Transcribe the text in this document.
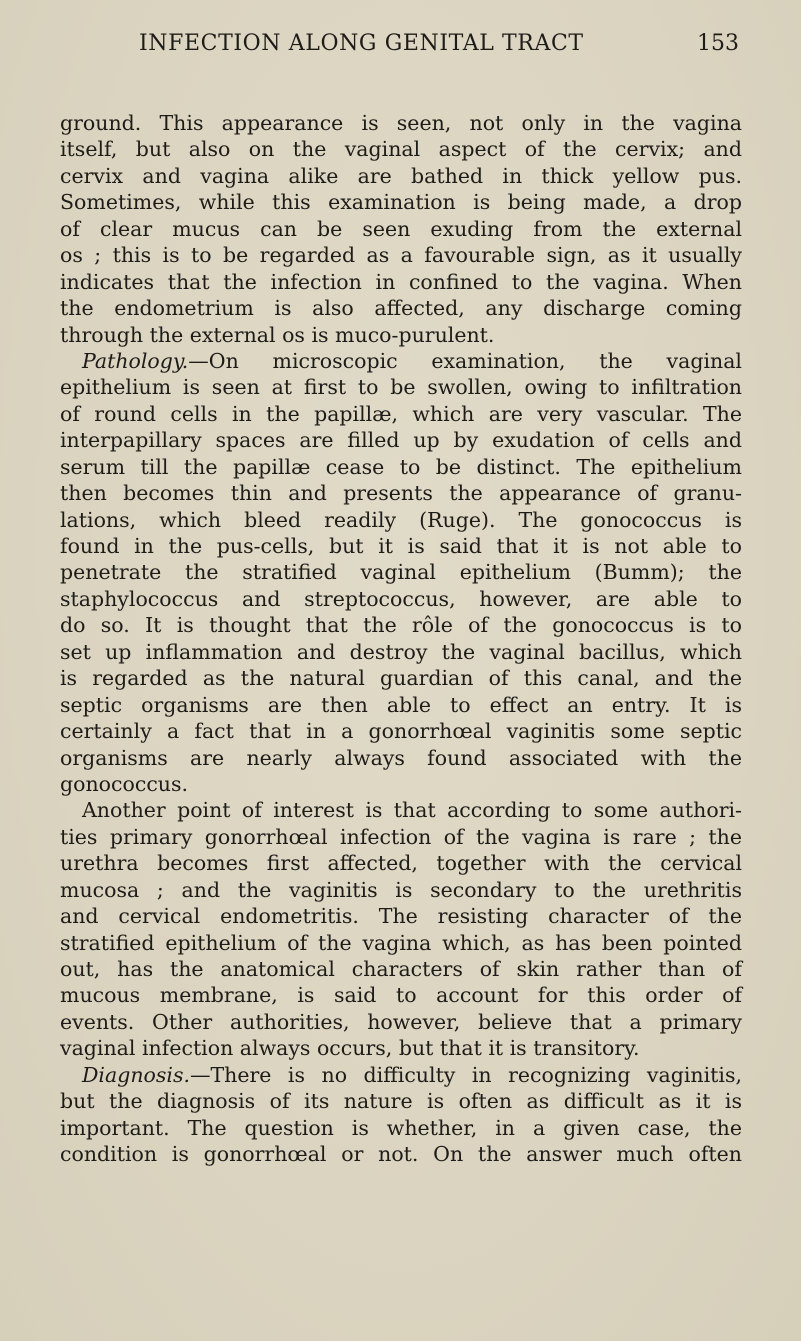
INFECTION ALONG GENITAL TRACT	153
ground. This appearance is seen, not only in the vagina
itself, but also on the vaginal aspect of the cervix; and
cervix and vagina alike are bathed in thick yellow pus.
Sometimes, while this examination is being made, a drop
of clear mucus can be seen exuding from the external
os ; this is to be regarded as a favourable sign, as it usually
indicates that the infection in confined to the vagina. When
the endometrium is also affected, any discharge coming
through the external os is muco-purulent.
Pathology.—On microscopic examination, the vaginal
epithelium is seen at first to be swollen, owing to infiltration
of round cells in the papillæ, which are very vascular. The
interpapillary spaces are filled up by exudation of cells and
serum till the papillæ cease to be distinct. The epithelium
then becomes thin and presents the appearance of granu-
lations, which bleed readily (Ruge). The gonococcus is
found in the pus-cells, but it is said that it is not able to
penetrate the stratified vaginal epithelium (Bumm); the
staphylococcus and streptococcus, however, are able to
do so. It is thought that the rôle of the gonococcus is to
set up inflammation and destroy the vaginal bacillus, which
is regarded as the natural guardian of this canal, and the
septic organisms are then able to effect an entry. It is
certainly a fact that in a gonorrhœal vaginitis some septic
organisms are nearly always found associated with the
gonococcus.
Another point of interest is that according to some authori-
ties primary gonorrhœal infection of the vagina is rare ; the
urethra becomes first affected, together with the cervical
mucosa ; and the vaginitis is secondary to the urethritis
and cervical endometritis. The resisting character of the
stratified epithelium of the vagina which, as has been pointed
out, has the anatomical characters of skin rather than of
mucous membrane, is said to account for this order of
events. Other authorities, however, believe that a primary
vaginal infection always occurs, but that it is transitory.
Diagnosis.—There is no difficulty in recognizing vaginitis,
but the diagnosis of its nature is often as difficult as it is
important. The question is whether, in a given case, the
condition is gonorrhœal or not. On the answer much often
